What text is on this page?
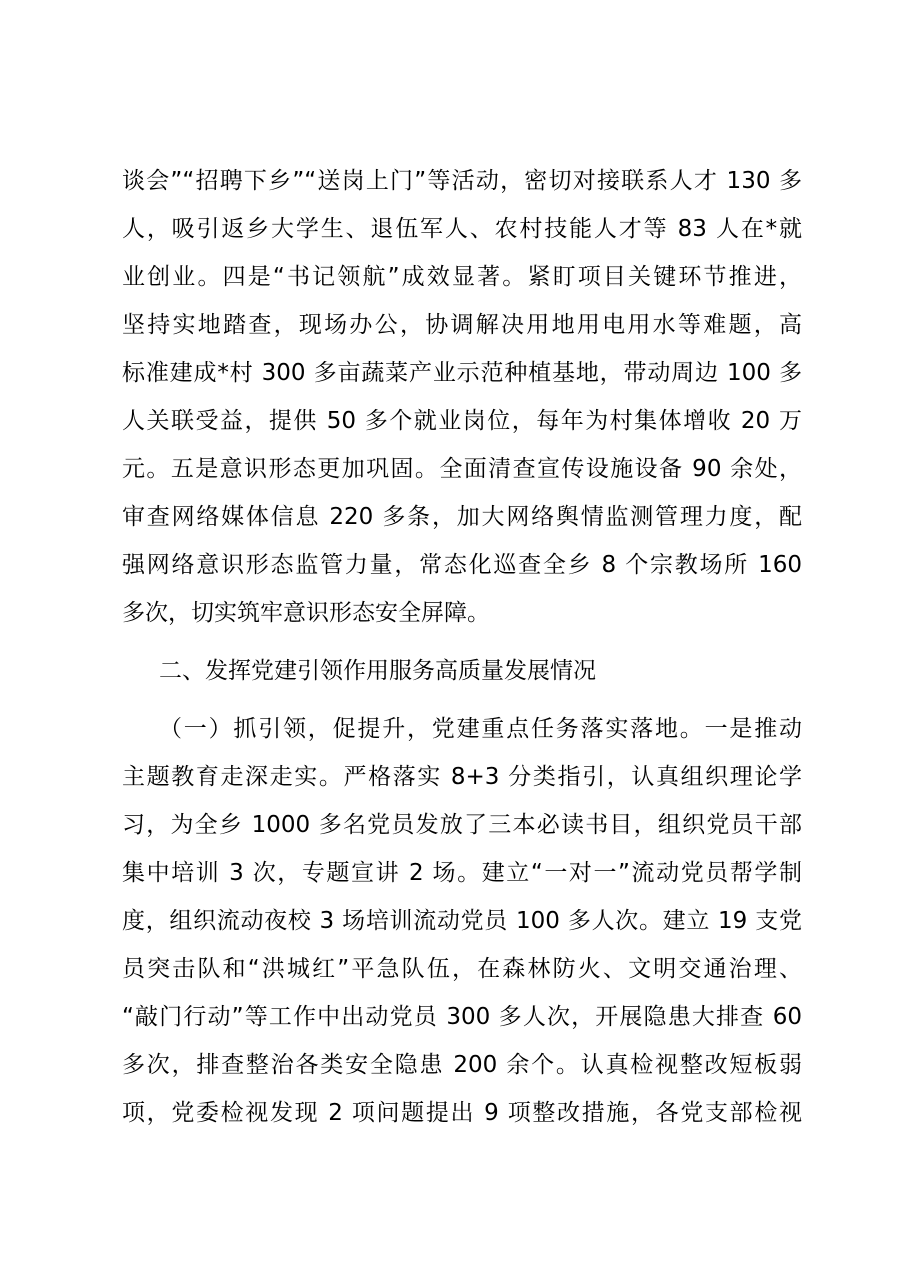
谈会”“招聘下乡”“送岗上门”等活动，密切对接联系人才 130 多
人，吸引返乡大学生、退伍军人、农村技能人才等 83 人在*就
业创业。四是“书记领航”成效显著。紧盯项目关键环节推进，
坚持实地踏查，现场办公，协调解决用地用电用水等难题，高
标准建成*村 300 多亩蔬菜产业示范种植基地，带动周边 100 多
人关联受益，提供 50 多个就业岗位，每年为村集体增收 20 万
元。五是意识形态更加巩固。全面清查宣传设施设备 90 余处，
审查网络媒体信息 220 多条，加大网络舆情监测管理力度，配
强网络意识形态监管力量，常态化巡查全乡 8 个宗教场所 160
多次，切实筑牢意识形态安全屏障。
二、发挥党建引领作用服务高质量发展情况
（一）抓引领，促提升，党建重点任务落实落地。一是推动
主题教育走深走实。严格落实 8+3 分类指引，认真组织理论学
习，为全乡 1000 多名党员发放了三本必读书目，组织党员干部
集中培训 3 次，专题宣讲 2 场。建立“一对一”流动党员帮学制
度，组织流动夜校 3 场培训流动党员 100 多人次。建立 19 支党
员突击队和“洪城红”平急队伍，在森林防火、文明交通治理、
“敲门行动”等工作中出动党员 300 多人次，开展隐患大排查 60
多次，排查整治各类安全隐患 200 余个。认真检视整改短板弱
项，党委检视发现 2 项问题提出 9 项整改措施，各党支部检视
